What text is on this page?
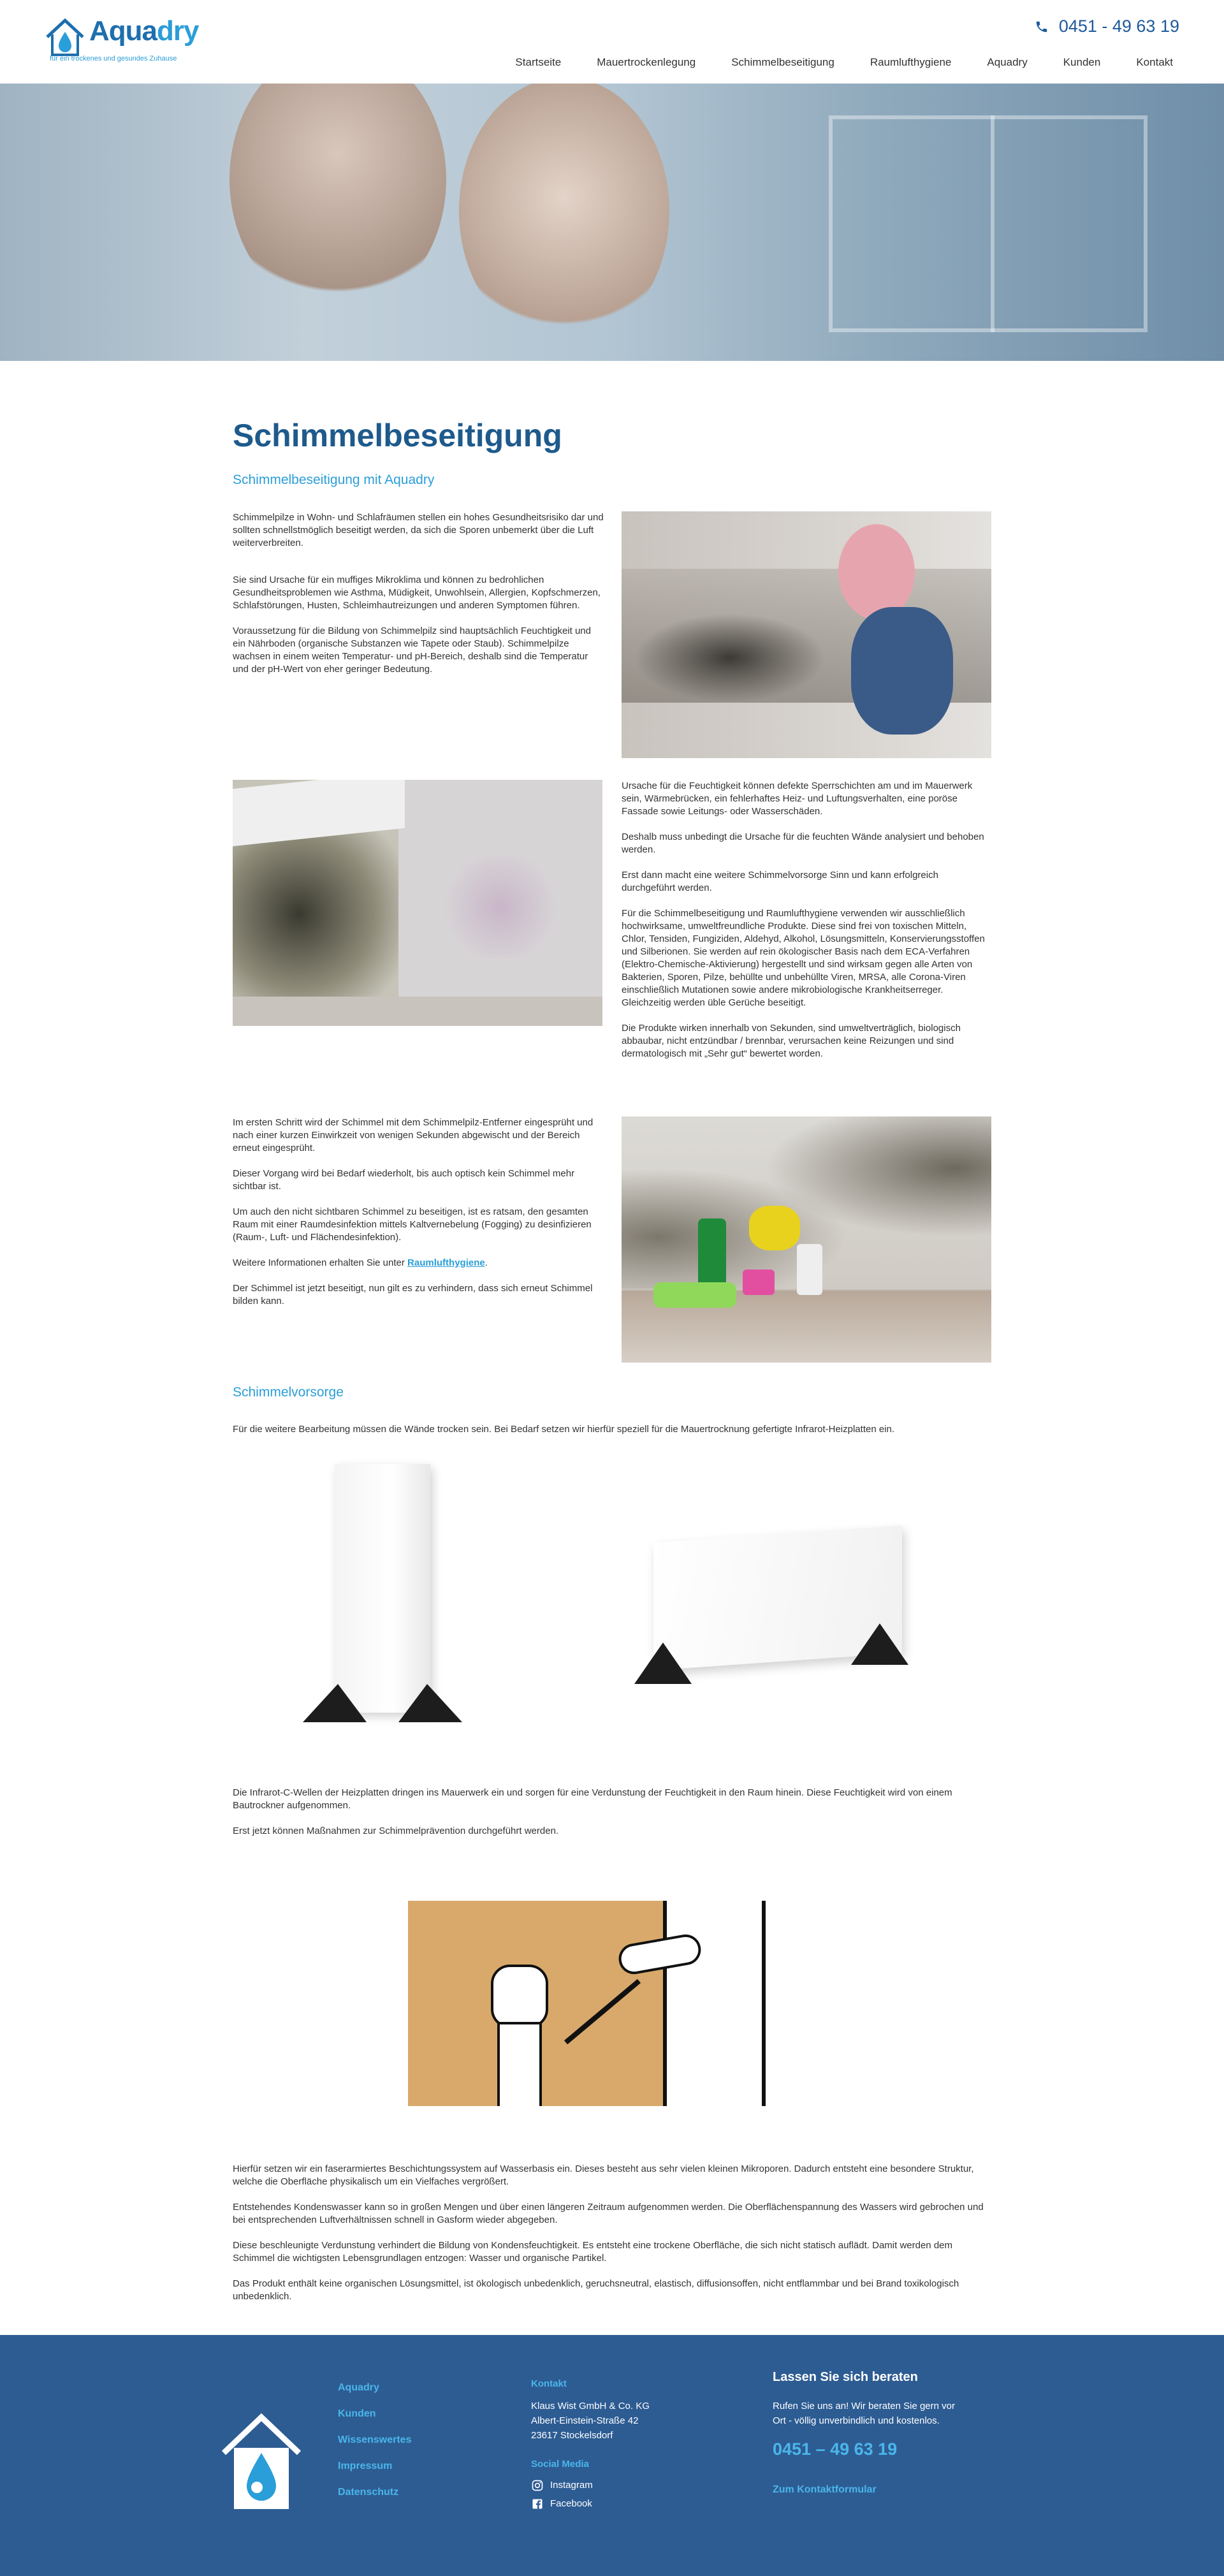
Aquadry
für ein trockenes und gesundes Zuhause
0451 - 49 63 19
Startseite	Mauertrockenlegung	Schimmelbeseitigung	Raumlufthygiene	Aquadry	Kunden	Kontakt
Schimmelbeseitigung
Schimmelbeseitigung mit Aquadry

Schimmelpilze in Wohn- und Schlafräumen stellen ein hohes Gesundheitsrisiko dar und sollten schnellstmöglich beseitigt werden, da sich die Sporen unbemerkt über die Luft weiterverbreiten.

Sie sind Ursache für ein muffiges Mikroklima und können zu bedrohlichen Gesundheitsproblemen wie Asthma, Müdigkeit, Unwohlsein, Allergien, Kopfschmerzen, Schlafstörungen, Husten, Schleimhautreizungen und anderen Symptomen führen.

Voraussetzung für die Bildung von Schimmelpilz sind hauptsächlich Feuchtigkeit und ein Nährboden (organische Substanzen wie Tapete oder Staub). Schimmelpilze wachsen in einem weiten Temperatur- und pH-Bereich, deshalb sind die Temperatur und der pH-Wert von eher geringer Bedeutung.

Ursache für die Feuchtigkeit können defekte Sperrschichten am und im Mauerwerk sein, Wärmebrücken, ein fehlerhaftes Heiz- und Luftungsverhalten, eine poröse Fassade sowie Leitungs- oder Wasserschäden.

Deshalb muss unbedingt die Ursache für die feuchten Wände analysiert und behoben werden.

Erst dann macht eine weitere Schimmelvorsorge Sinn und kann erfolgreich durchgeführt werden.

Für die Schimmelbeseitigung und Raumlufthygiene verwenden wir ausschließlich hochwirksame, umweltfreundliche Produkte. Diese sind frei von toxischen Mitteln, Chlor, Tensiden, Fungiziden, Aldehyd, Alkohol, Lösungsmitteln, Konservierungsstoffen und Silberionen. Sie werden auf rein ökologischer Basis nach dem ECA-Verfahren (Elektro-Chemische-Aktivierung) hergestellt und sind wirksam gegen alle Arten von Bakterien, Sporen, Pilze, behüllte und unbehüllte Viren, MRSA, alle Corona-Viren einschließlich Mutationen sowie andere mikrobiologische Krankheitserreger. Gleichzeitig werden üble Gerüche beseitigt.

Die Produkte wirken innerhalb von Sekunden, sind umweltverträglich, biologisch abbaubar, nicht entzündbar / brennbar, verursachen keine Reizungen und sind dermatologisch mit „Sehr gut“ bewertet worden.

Im ersten Schritt wird der Schimmel mit dem Schimmelpilz-Entferner eingesprüht und nach einer kurzen Einwirkzeit von wenigen Sekunden abgewischt und der Bereich erneut eingesprüht.

Dieser Vorgang wird bei Bedarf wiederholt, bis auch optisch kein Schimmel mehr sichtbar ist.

Um auch den nicht sichtbaren Schimmel zu beseitigen, ist es ratsam, den gesamten Raum mit einer Raumdesinfektion mittels Kaltvernebelung (Fogging) zu desinfizieren (Raum-, Luft- und Flächendesinfektion).

Weitere Informationen erhalten Sie unter Raumlufthygiene.

Der Schimmel ist jetzt beseitigt, nun gilt es zu verhindern, dass sich erneut Schimmel bilden kann.

Schimmelvorsorge

Für die weitere Bearbeitung müssen die Wände trocken sein. Bei Bedarf setzen wir hierfür speziell für die Mauertrocknung gefertigte Infrarot-Heizplatten ein.

Die Infrarot-C-Wellen der Heizplatten dringen ins Mauerwerk ein und sorgen für eine Verdunstung der Feuchtigkeit in den Raum hinein. Diese Feuchtigkeit wird von einem Bautrockner aufgenommen.

Erst jetzt können Maßnahmen zur Schimmelprävention durchgeführt werden.

Hierfür setzen wir ein faserarmiertes Beschichtungssystem auf Wasserbasis ein. Dieses besteht aus sehr vielen kleinen Mikroporen. Dadurch entsteht eine besondere Struktur, welche die Oberfläche physikalisch um ein Vielfaches vergrößert.

Entstehendes Kondenswasser kann so in großen Mengen und über einen längeren Zeitraum aufgenommen werden. Die Oberflächenspannung des Wassers wird gebrochen und bei entsprechenden Luftverhältnissen schnell in Gasform wieder abgegeben.

Diese beschleunigte Verdunstung verhindert die Bildung von Kondensfeuchtigkeit. Es entsteht eine trockene Oberfläche, die sich nicht statisch auflädt. Damit werden dem Schimmel die wichtigsten Lebensgrundlagen entzogen: Wasser und organische Partikel.

Das Produkt enthält keine organischen Lösungsmittel, ist ökologisch unbedenklich, geruchsneutral, elastisch, diffusionsoffen, nicht entflammbar und bei Brand toxikologisch unbedenklich.

Aquadry
Kunden
Wissenswertes
Impressum
Datenschutz
Kontakt
Klaus Wist GmbH & Co. KG
Albert-Einstein-Straße 42
23617 Stockelsdorf
Social Media
Instagram
Facebook
Lassen Sie sich beraten
Rufen Sie uns an! Wir beraten Sie gern vor
Ort - völlig unverbindlich und kostenlos.
0451 – 49 63 19
Zum Kontaktformular
